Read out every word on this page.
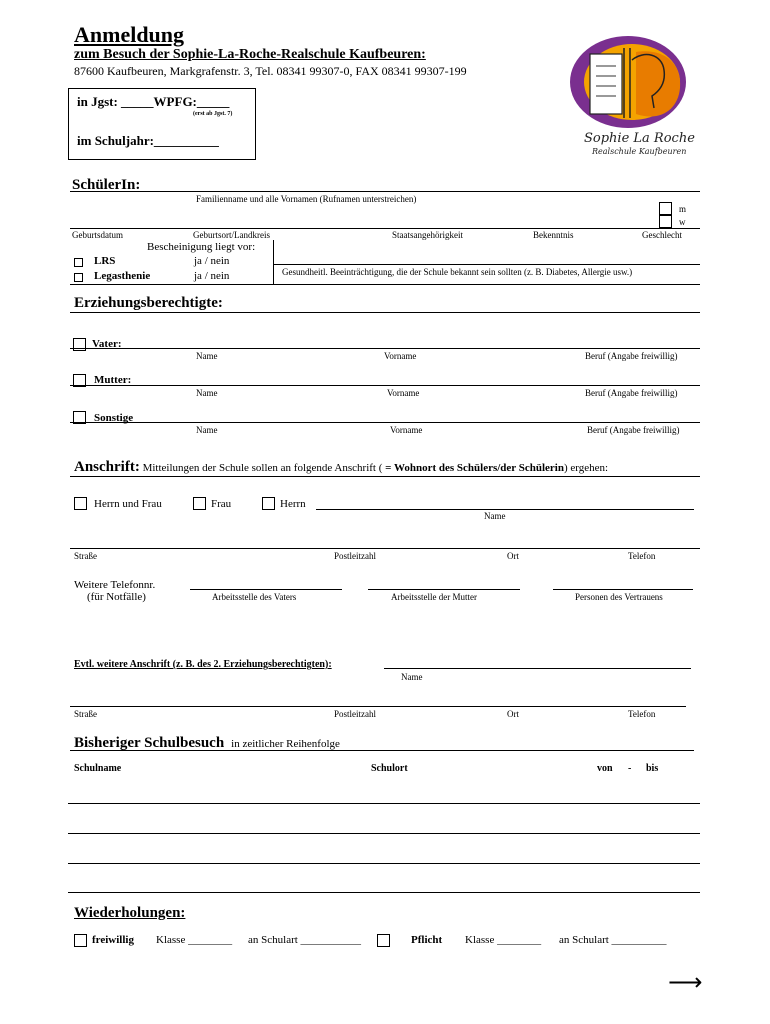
Anmeldung
zum Besuch der Sophie-La-Roche-Realschule Kaufbeuren:
87600 Kaufbeuren, Markgrafenstr. 3, Tel. 08341 99307-0, FAX 08341 99307-199
in Jgst: _____WPFG:_____
(erst ab Jgst. 7)
im Schuljahr:__________	Sophie La Roche
Realschule Kaufbeuren
SchülerIn:
Familienname und alle Vornamen (Rufnamen unterstreichen)
m
w
Geburtsdatum	Geburtsort/Landkreis	Staatsangehörigkeit	Bekenntnis	Geschlecht
Bescheinigung liegt vor:
LRS	ja / nein
Legasthenie	ja / nein	Gesundheitl. Beeinträchtigung, die der Schule bekannt sein sollten (z. B. Diabetes, Allergie usw.)
Erziehungsberechtigte:
Vater:
Name	Vorname	Beruf (Angabe freiwillig)
Mutter:
Name	Vorname	Beruf (Angabe freiwillig)
Sonstige
Name	Vorname	Beruf (Angabe freiwillig)
Anschrift: Mitteilungen der Schule sollen an folgende Anschrift ( = Wohnort des Schülers/der Schülerin) ergehen:
Herrn und Frau	Frau	Herrn
Name
Straße	Postleitzahl	Ort	Telefon
Weitere Telefonnr.
(für Notfälle)	Arbeitsstelle des Vaters	Arbeitsstelle der Mutter	Personen des Vertrauens
Evtl. weitere Anschrift (z. B. des 2. Erziehungsberechtigten):
Name
Straße	Postleitzahl	Ort	Telefon
Bisheriger Schulbesuch in zeitlicher Reihenfolge
Schulname	Schulort	von - bis
Wiederholungen:
freiwillig Klasse ________ an Schulart ___________	Pflicht Klasse ________ an Schulart __________
⟶
